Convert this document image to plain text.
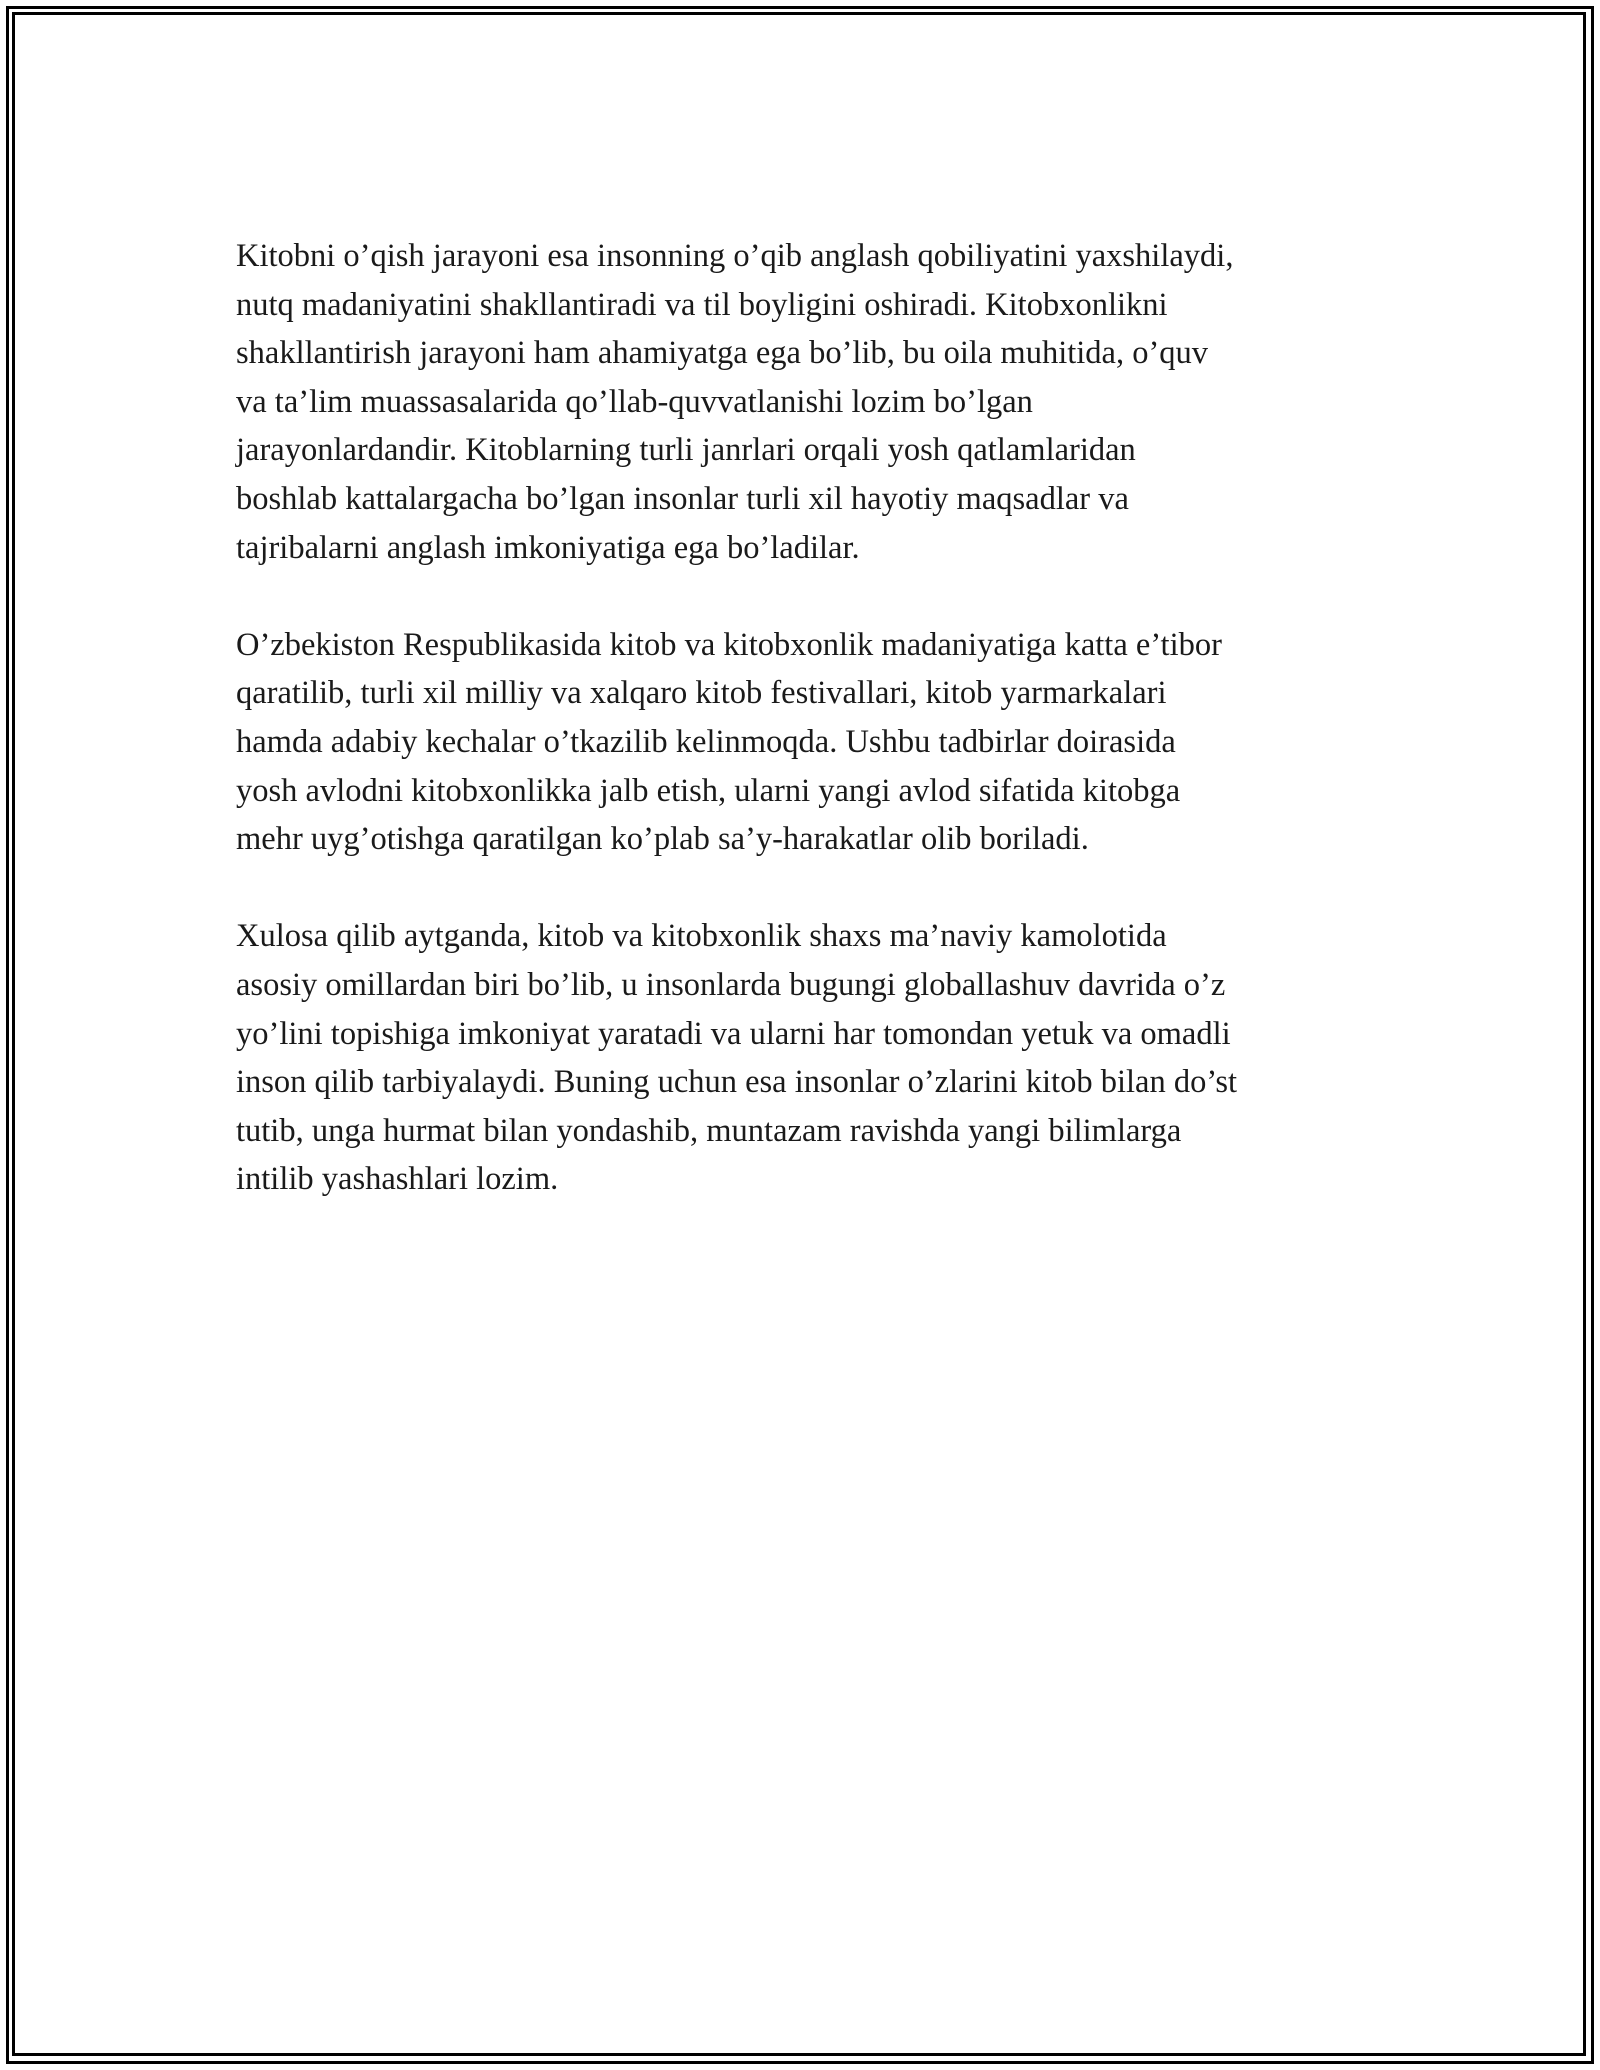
Kitobni o’qish jarayoni esa insonning o’qib anglash qobiliyatini yaxshilaydi,
nutq madaniyatini shakllantiradi va til boyligini oshiradi. Kitobxonlikni
shakllantirish jarayoni ham ahamiyatga ega bo’lib, bu oila muhitida, o’quv
va ta’lim muassasalarida qo’llab-quvvatlanishi lozim bo’lgan
jarayonlardandir. Kitoblarning turli janrlari orqali yosh qatlamlaridan
boshlab kattalargacha bo’lgan insonlar turli xil hayotiy maqsadlar va
tajribalarni anglash imkoniyatiga ega bo’ladilar.

O’zbekiston Respublikasida kitob va kitobxonlik madaniyatiga katta e’tibor
qaratilib, turli xil milliy va xalqaro kitob festivallari, kitob yarmarkalari
hamda adabiy kechalar o’tkazilib kelinmoqda. Ushbu tadbirlar doirasida
yosh avlodni kitobxonlikka jalb etish, ularni yangi avlod sifatida kitobga
mehr uyg’otishga qaratilgan ko’plab sa’y-harakatlar olib boriladi.

Xulosa qilib aytganda, kitob va kitobxonlik shaxs ma’naviy kamolotida
asosiy omillardan biri bo’lib, u insonlarda bugungi globallashuv davrida o’z
yo’lini topishiga imkoniyat yaratadi va ularni har tomondan yetuk va omadli
inson qilib tarbiyalaydi. Buning uchun esa insonlar o’zlarini kitob bilan do’st
tutib, unga hurmat bilan yondashib, muntazam ravishda yangi bilimlarga
intilib yashashlari lozim.
